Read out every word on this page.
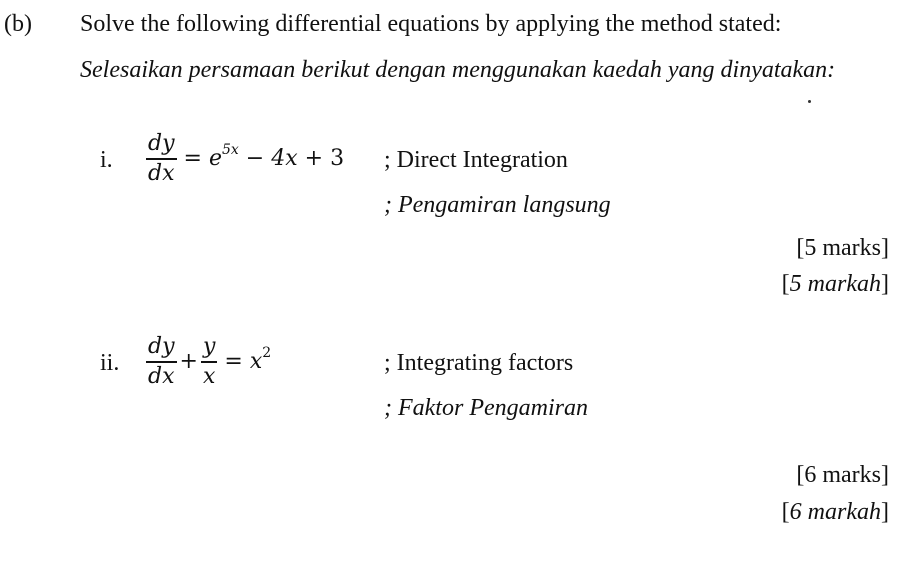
(b) Solve the following differential equations by applying the method stated:
Selesaikan persamaan berikut dengan menggunakan kaedah yang dinyatakan:
i. $\frac{dy}{dx} = e^{5x} - 4x + 3$ ; Direct Integration
; Pengamiran langsung
[5 marks]
[5 markah]
ii. $\frac{dy}{dx} + \frac{y}{x} = x^2$	; Integrating factors
; Faktor Pengamiran
[6 marks]
[6 markah]
